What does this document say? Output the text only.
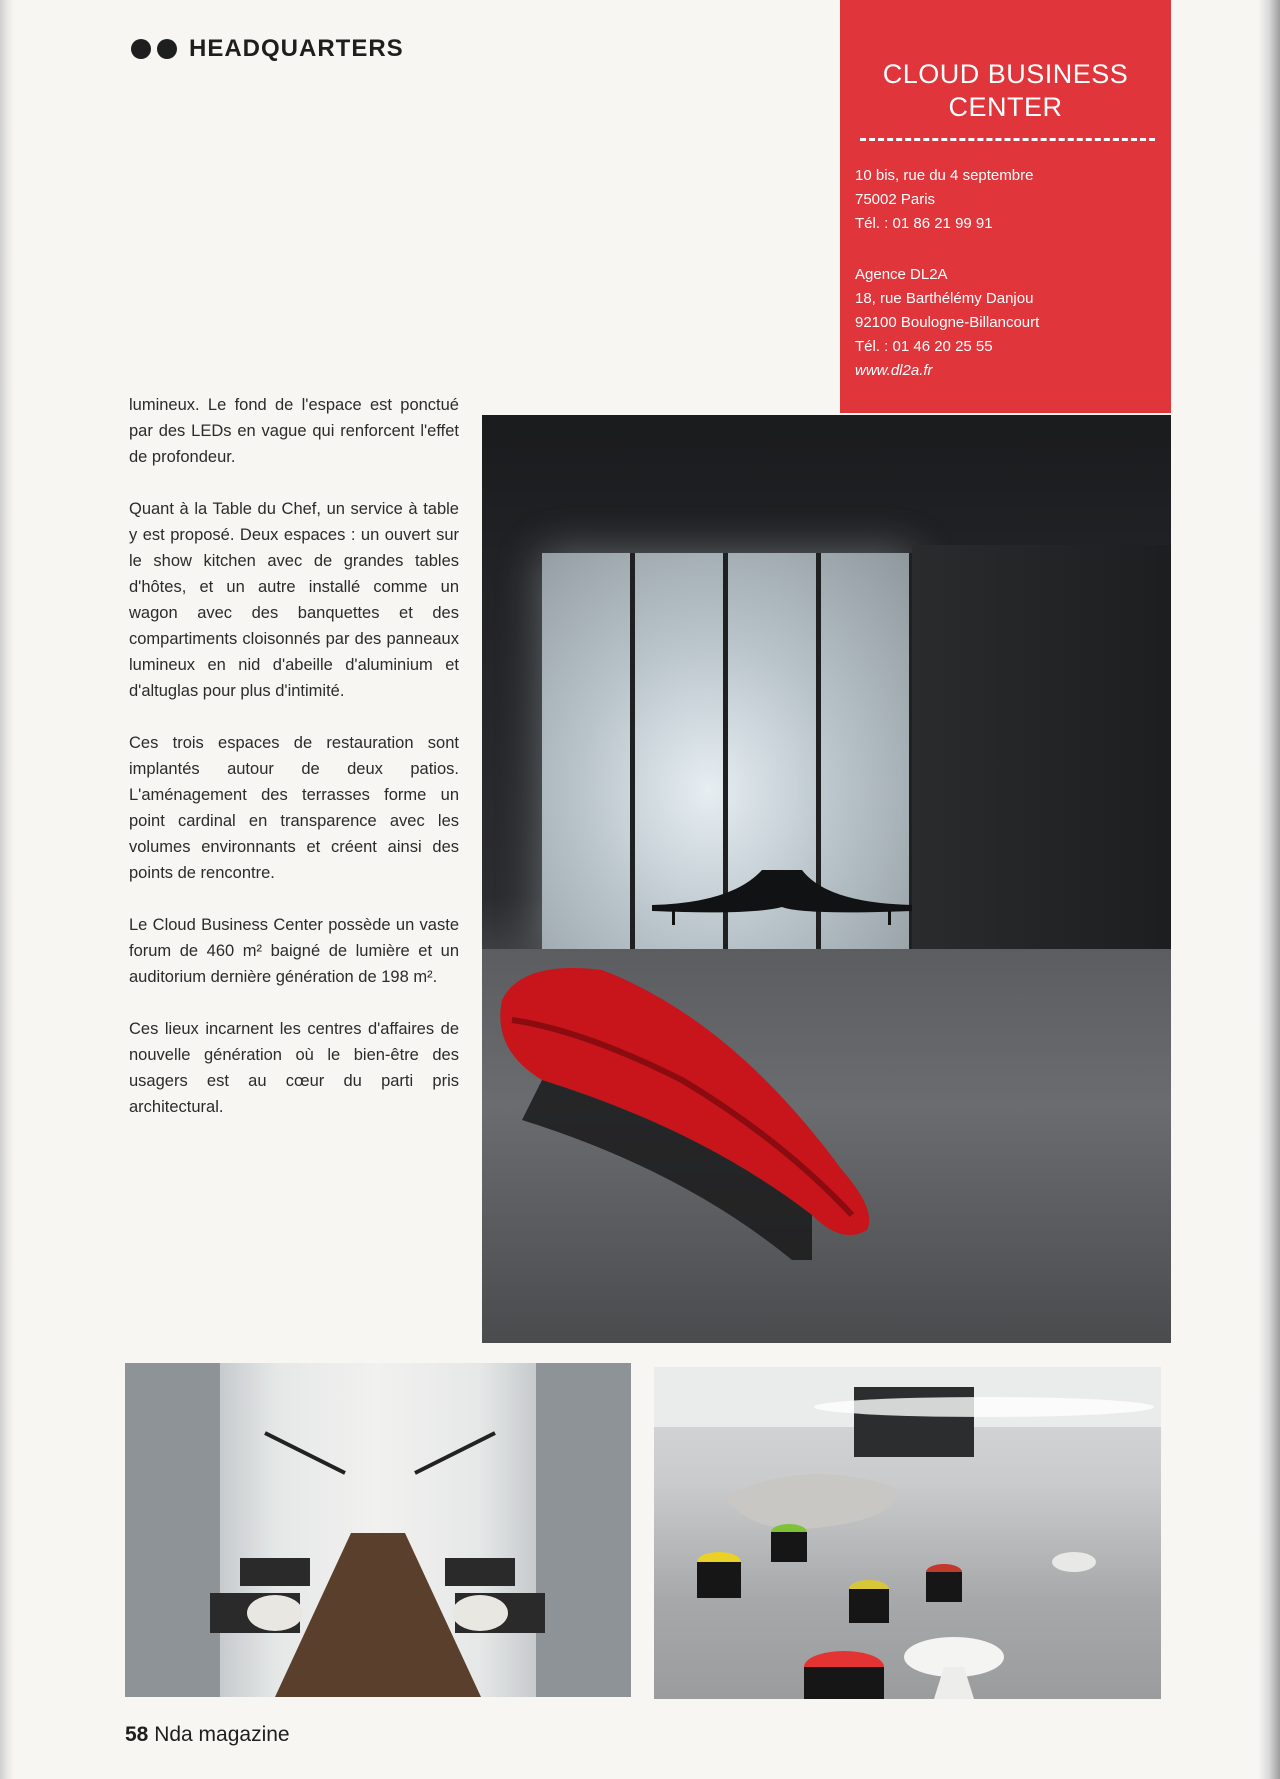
HEADQUARTERS
CLOUD BUSINESS
CENTER
10 bis, rue du 4 septembre
75002 Paris
Tél. : 01 86 21 99 91
Agence DL2A
18, rue Barthélémy Danjou
92100 Boulogne-Billancourt
Tél. : 01 46 20 25 55
www.dl2a.fr

lumineux. Le fond de l'espace est ponctué par des LEDs en vague qui renforcent l'effet de profondeur.

Quant à la Table du Chef, un service à table y est proposé. Deux espaces : un ouvert sur le show kitchen avec de grandes tables d'hôtes, et un autre installé comme un wagon avec des banquettes et des compartiments cloisonnés par des panneaux lumineux en nid d'abeille d'aluminium et d'altuglas pour plus d'intimité.

Ces trois espaces de restauration sont implantés autour de deux patios. L'aménagement des terrasses forme un point cardinal en transparence avec les volumes environnants et créent ainsi des points de rencontre.

Le Cloud Business Center possède un vaste forum de 460 m² baigné de lumière et un auditorium dernière génération de 198 m².

Ces lieux incarnent les centres d'affaires de nouvelle génération où le bien-être des usagers est au cœur du parti pris architectural.

58 Nda magazine
